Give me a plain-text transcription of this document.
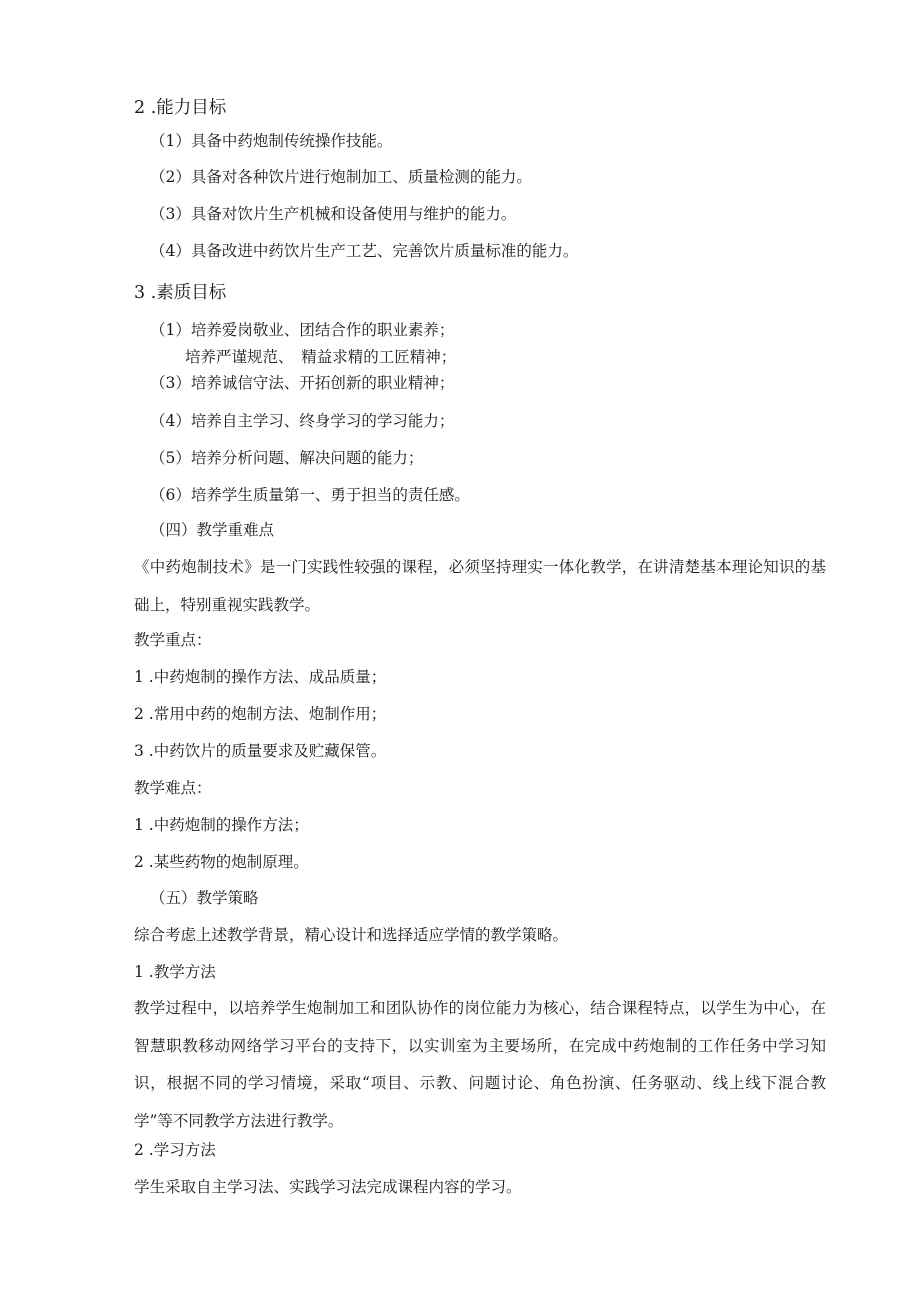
2 .能力目标
（1）具备中药炮制传统操作技能。
（2）具备对各种饮片进行炮制加工、质量检测的能力。
（3）具备对饮片生产机械和设备使用与维护的能力。
（4）具备改进中药饮片生产工艺、完善饮片质量标准的能力。
3 .素质目标
（1）培养爱岗敬业、团结合作的职业素养；
培养严谨规范、　精益求精的工匠精神；
（3）培养诚信守法、开拓创新的职业精神；
（4）培养自主学习、终身学习的学习能力；
（5）培养分析问题、解决问题的能力；
（6）培养学生质量第一、勇于担当的责任感。
（四）教学重难点
《中药炮制技术》是一门实践性较强的课程，必须坚持理实一体化教学，在讲清楚基本理论知识的基础上，特别重视实践教学。
教学重点：
1 .中药炮制的操作方法、成品质量；
2 .常用中药的炮制方法、炮制作用；
3 .中药饮片的质量要求及贮藏保管。
教学难点：
1 .中药炮制的操作方法；
2 .某些药物的炮制原理。
（五）教学策略
综合考虑上述教学背景，精心设计和选择适应学情的教学策略。
1 .教学方法
教学过程中，以培养学生炮制加工和团队协作的岗位能力为核心，结合课程特点，以学生为中心，在智慧职教移动网络学习平台的支持下，以实训室为主要场所，在完成中药炮制的工作任务中学习知识，根据不同的学习情境，采取“项目、示教、问题讨论、角色扮演、任务驱动、线上线下混合教学”等不同教学方法进行教学。
2 .学习方法
学生采取自主学习法、实践学习法完成课程内容的学习。
